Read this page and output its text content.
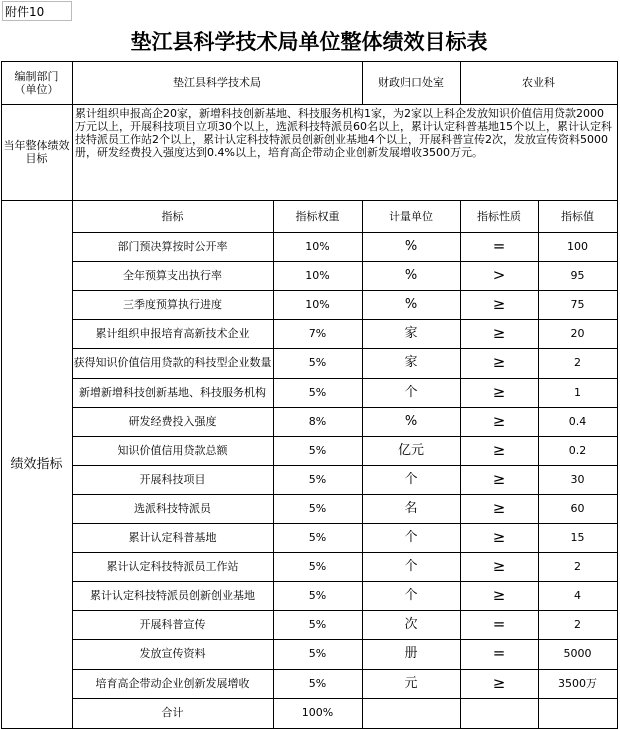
附件10
垫江县科学技术局单位整体绩效目标表
编制部门
（单位）	垫江县科学技术局	财政归口处室	农业科
当年整体绩效目标
累计组织申报高企20家，新增科技创新基地、科技服务机构1家，为2家以上科企发放知识价值信用贷款2000万元以上，开展科技项目立项30个以上，选派科技特派员60名以上，累计认定科普基地15个以上，累计认定科技特派员工作站2个以上，累计认定科技特派员创新创业基地4个以上，开展科普宣传2次，发放宣传资料5000册，研发经费投入强度达到0.4%以上，培育高企带动企业创新发展增收3500万元。
绩效指标
指标	指标权重	计量单位	指标性质	指标值
部门预决算按时公开率	10%	%	=	100
全年预算支出执行率	10%	%	>	95
三季度预算执行进度	10%	%	≥	75
累计组织申报培育高新技术企业	7%	家	≥	20
获得知识价值信用贷款的科技型企业数量	5%	家	≥	2
新增新增科技创新基地、科技服务机构	5%	个	≥	1
研发经费投入强度	8%	%	≥	0.4
知识价值信用贷款总额	5%	亿元	≥	0.2
开展科技项目	5%	个	≥	30
选派科技特派员	5%	名	≥	60
累计认定科普基地	5%	个	≥	15
累计认定科技特派员工作站	5%	个	≥	2
累计认定科技特派员创新创业基地	5%	个	≥	4
开展科普宣传	5%	次	=	2
发放宣传资料	5%	册	=	5000
培育高企带动企业创新发展增收	5%	元	≥	3500万
合计	100%
